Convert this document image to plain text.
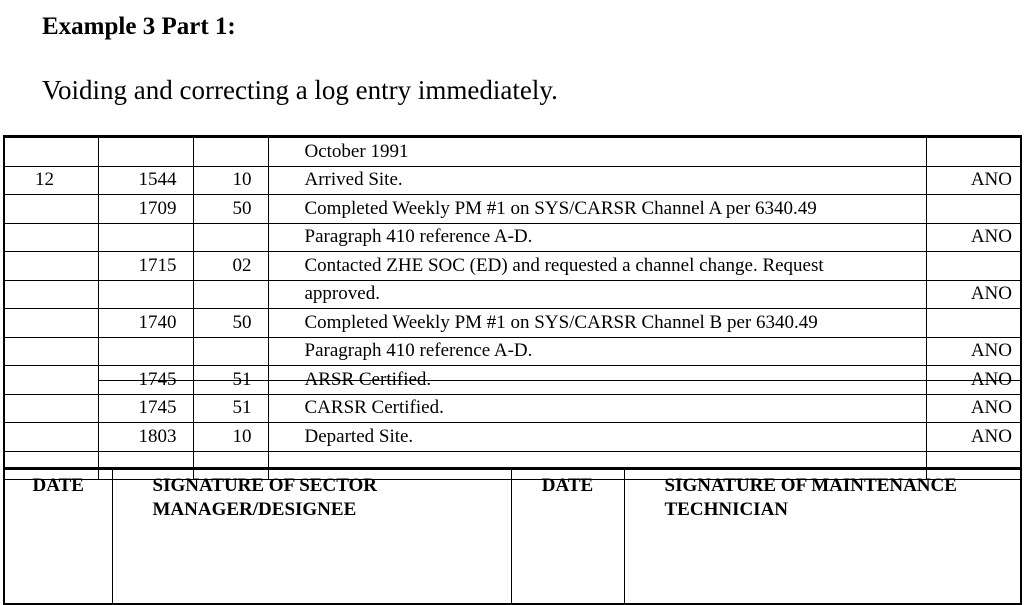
Example 3 Part 1:

Voiding and correcting a log entry immediately.

			October 1991	
12	1544	10	Arrived Site.	ANO
	1709	50	Completed Weekly PM #1 on SYS/CARSR Channel A per 6340.49	
			Paragraph 410 reference A-D.	ANO
	1715	02	Contacted ZHE SOC (ED) and requested a channel change. Request	
			approved.	ANO
	1740	50	Completed Weekly PM #1 on SYS/CARSR Channel B per 6340.49	
			Paragraph 410 reference A-D.	ANO
	1745	51	ARSR Certified.	ANO
	1745	51	CARSR Certified.	ANO
	1803	10	Departed Site.	ANO

DATE	SIGNATURE OF SECTOR
MANAGER/DESIGNEE
	DATE	SIGNATURE OF MAINTENANCE
TECHNICIAN
